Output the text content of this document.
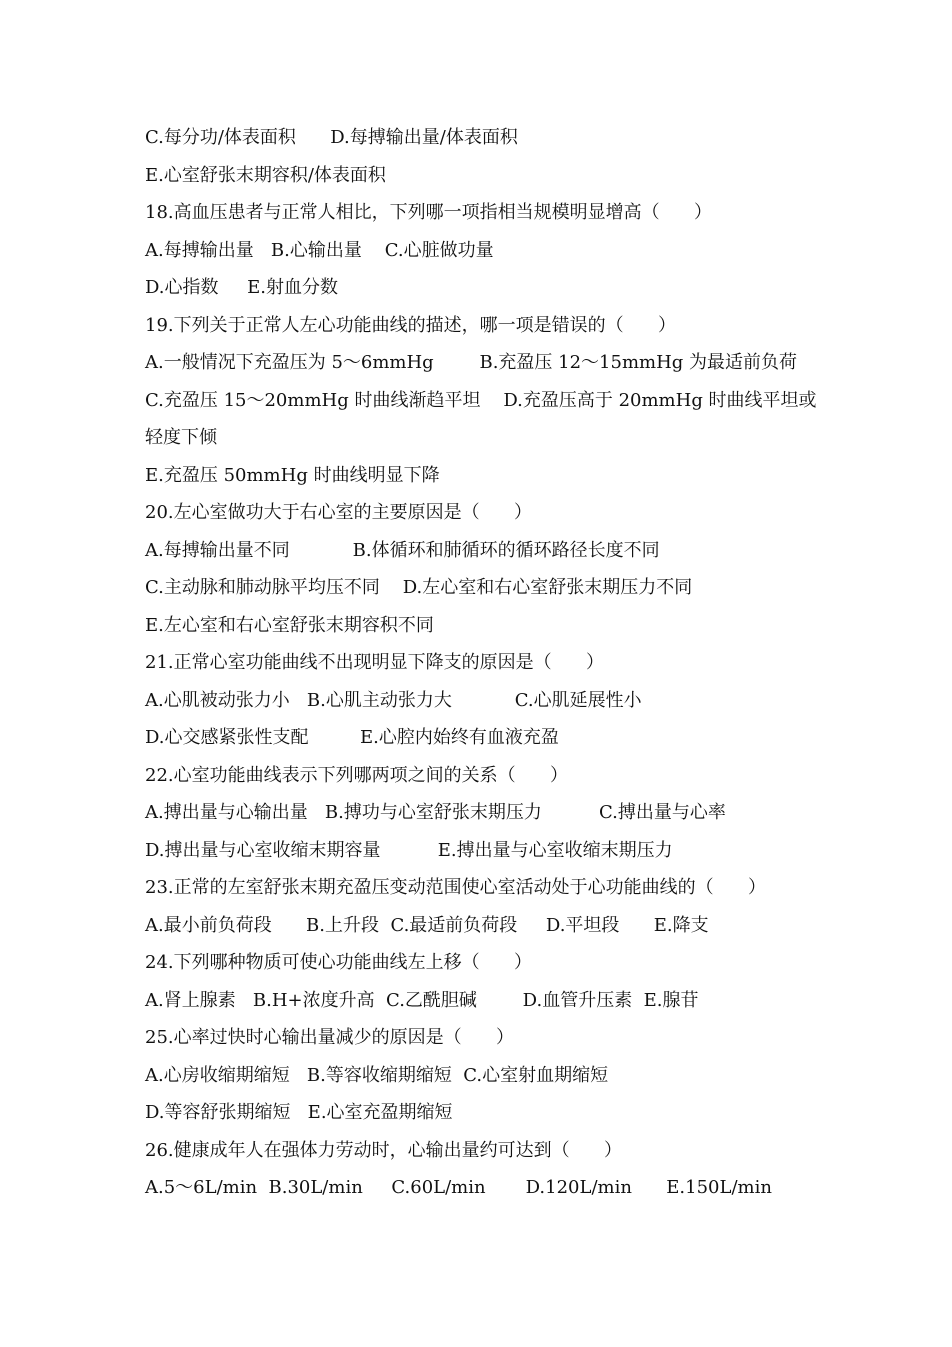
C.每分功/体表面积      D.每搏输出量/体表面积
E.心室舒张末期容积/体表面积
18.高血压患者与正常人相比，下列哪一项指相当规模明显增高（      ）
A.每搏输出量   B.心输出量    C.心脏做功量
D.心指数     E.射血分数
19.下列关于正常人左心功能曲线的描述，哪一项是错误的（      ）
A.一般情况下充盈压为 5～6mmHg        B.充盈压 12～15mmHg 为最适前负荷
C.充盈压 15～20mmHg 时曲线渐趋平坦    D.充盈压高于 20mmHg 时曲线平坦或
轻度下倾
E.充盈压 50mmHg 时曲线明显下降
20.左心室做功大于右心室的主要原因是（      ）
A.每搏输出量不同           B.体循环和肺循环的循环路径长度不同
C.主动脉和肺动脉平均压不同    D.左心室和右心室舒张末期压力不同
E.左心室和右心室舒张末期容积不同
21.正常心室功能曲线不出现明显下降支的原因是（      ）
A.心肌被动张力小   B.心肌主动张力大           C.心肌延展性小
D.心交感紧张性支配         E.心腔内始终有血液充盈
22.心室功能曲线表示下列哪两项之间的关系（      ）
A.搏出量与心输出量   B.搏功与心室舒张末期压力          C.搏出量与心率
D.搏出量与心室收缩末期容量          E.搏出量与心室收缩末期压力
23.正常的左室舒张末期充盈压变动范围使心室活动处于心功能曲线的（      ）
A.最小前负荷段      B.上升段  C.最适前负荷段     D.平坦段      E.降支
24.下列哪种物质可使心功能曲线左上移（      ）
A.肾上腺素   B.H+浓度升高  C.乙酰胆碱        D.血管升压素  E.腺苷
25.心率过快时心输出量减少的原因是（      ）
A.心房收缩期缩短   B.等容收缩期缩短  C.心室射血期缩短
D.等容舒张期缩短   E.心室充盈期缩短
26.健康成年人在强体力劳动时，心输出量约可达到（      ）
A.5～6L/min  B.30L/min     C.60L/min       D.120L/min      E.150L/min
